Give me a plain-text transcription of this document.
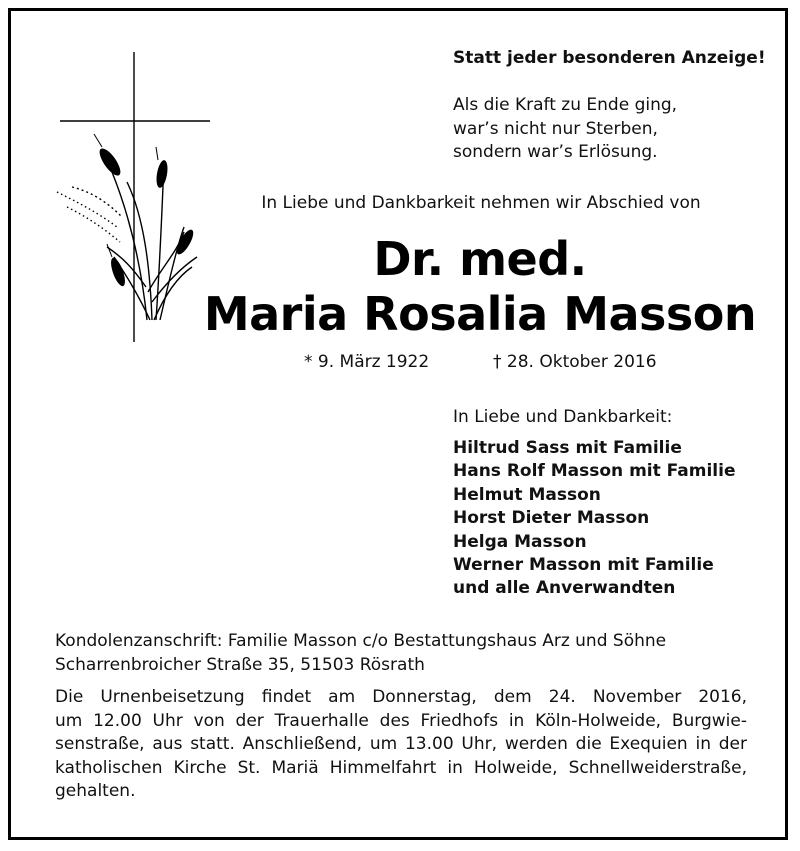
Statt jeder besonderen Anzeige!
Als die Kraft zu Ende ging,
war’s nicht nur Sterben,
sondern war’s Erlösung.
In Liebe und Dankbarkeit nehmen wir Abschied von
Dr. med.
Maria Rosalia Masson
* 9. März 1922	† 28. Oktober 2016
In Liebe und Dankbarkeit:
Hiltrud Sass mit Familie
Hans Rolf Masson mit Familie
Helmut Masson
Horst Dieter Masson
Helga Masson
Werner Masson mit Familie
und alle Anverwandten
Kondolenzanschrift: Familie Masson c/o Bestattungshaus Arz und Söhne
Scharrenbroicher Straße 35, 51503 Rösrath
Die Urnenbeisetzung findet am Donnerstag, dem 24. November 2016,
um 12.00 Uhr von der Trauerhalle des Friedhofs in Köln-Holweide, Burgwie-
senstraße, aus statt. Anschließend, um 13.00 Uhr, werden die Exequien in der
katholischen Kirche St. Mariä Himmelfahrt in Holweide, Schnellweiderstraße,
gehalten.
